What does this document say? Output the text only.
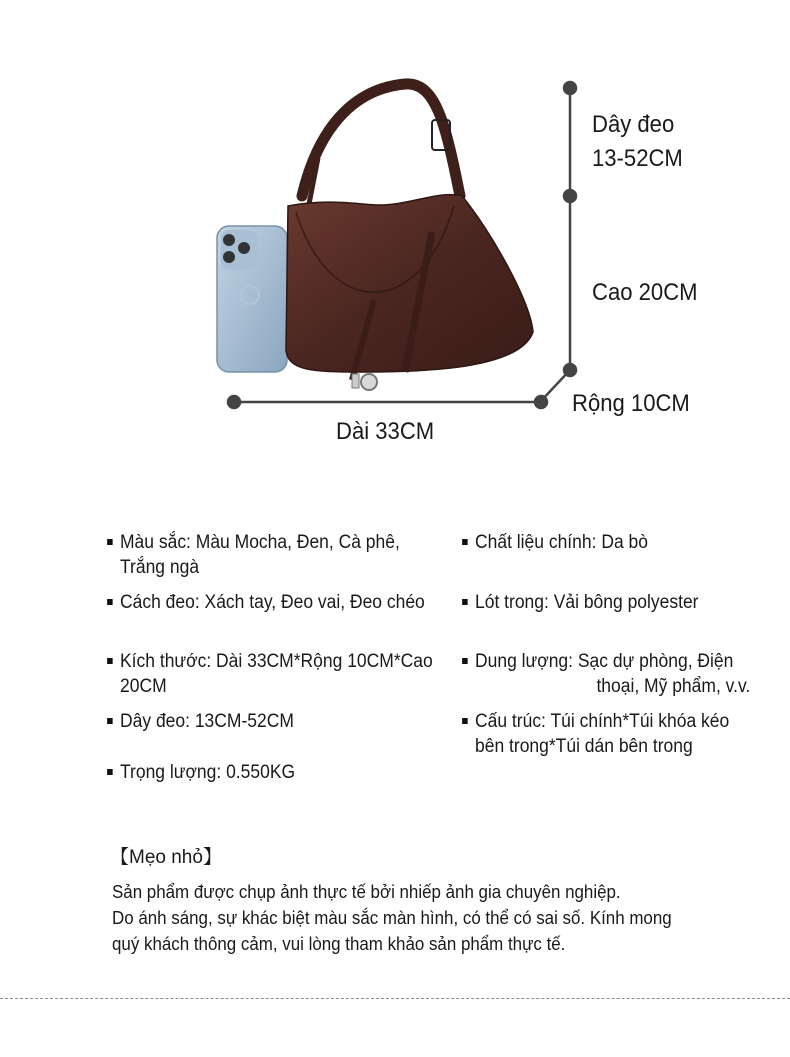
Dây đeo
13-52CM
Cao 20CM
Rộng 10CM
Dài 33CM
Màu sắc: Màu Mocha, Đen, Cà phê, Trắng ngà
Cách đeo: Xách tay, Đeo vai, Đeo chéo
Kích thước: Dài 33CM*Rộng 10CM*Cao 20CM
Dây đeo: 13CM-52CM
Trọng lượng: 0.550KG
Chất liệu chính: Da bò
Lót trong: Vải bông polyester
Dung lượng: Sạc dự phòng, Điện
thoại, Mỹ phẩm, v.v.
Cấu trúc: Túi chính*Túi khóa kéo bên trong*Túi dán bên trong
【Mẹo nhỏ】
Sản phẩm được chụp ảnh thực tế bởi nhiếp ảnh gia chuyên nghiệp.
Do ánh sáng, sự khác biệt màu sắc màn hình, có thể có sai số. Kính mong
quý khách thông cảm, vui lòng tham khảo sản phẩm thực tế.
